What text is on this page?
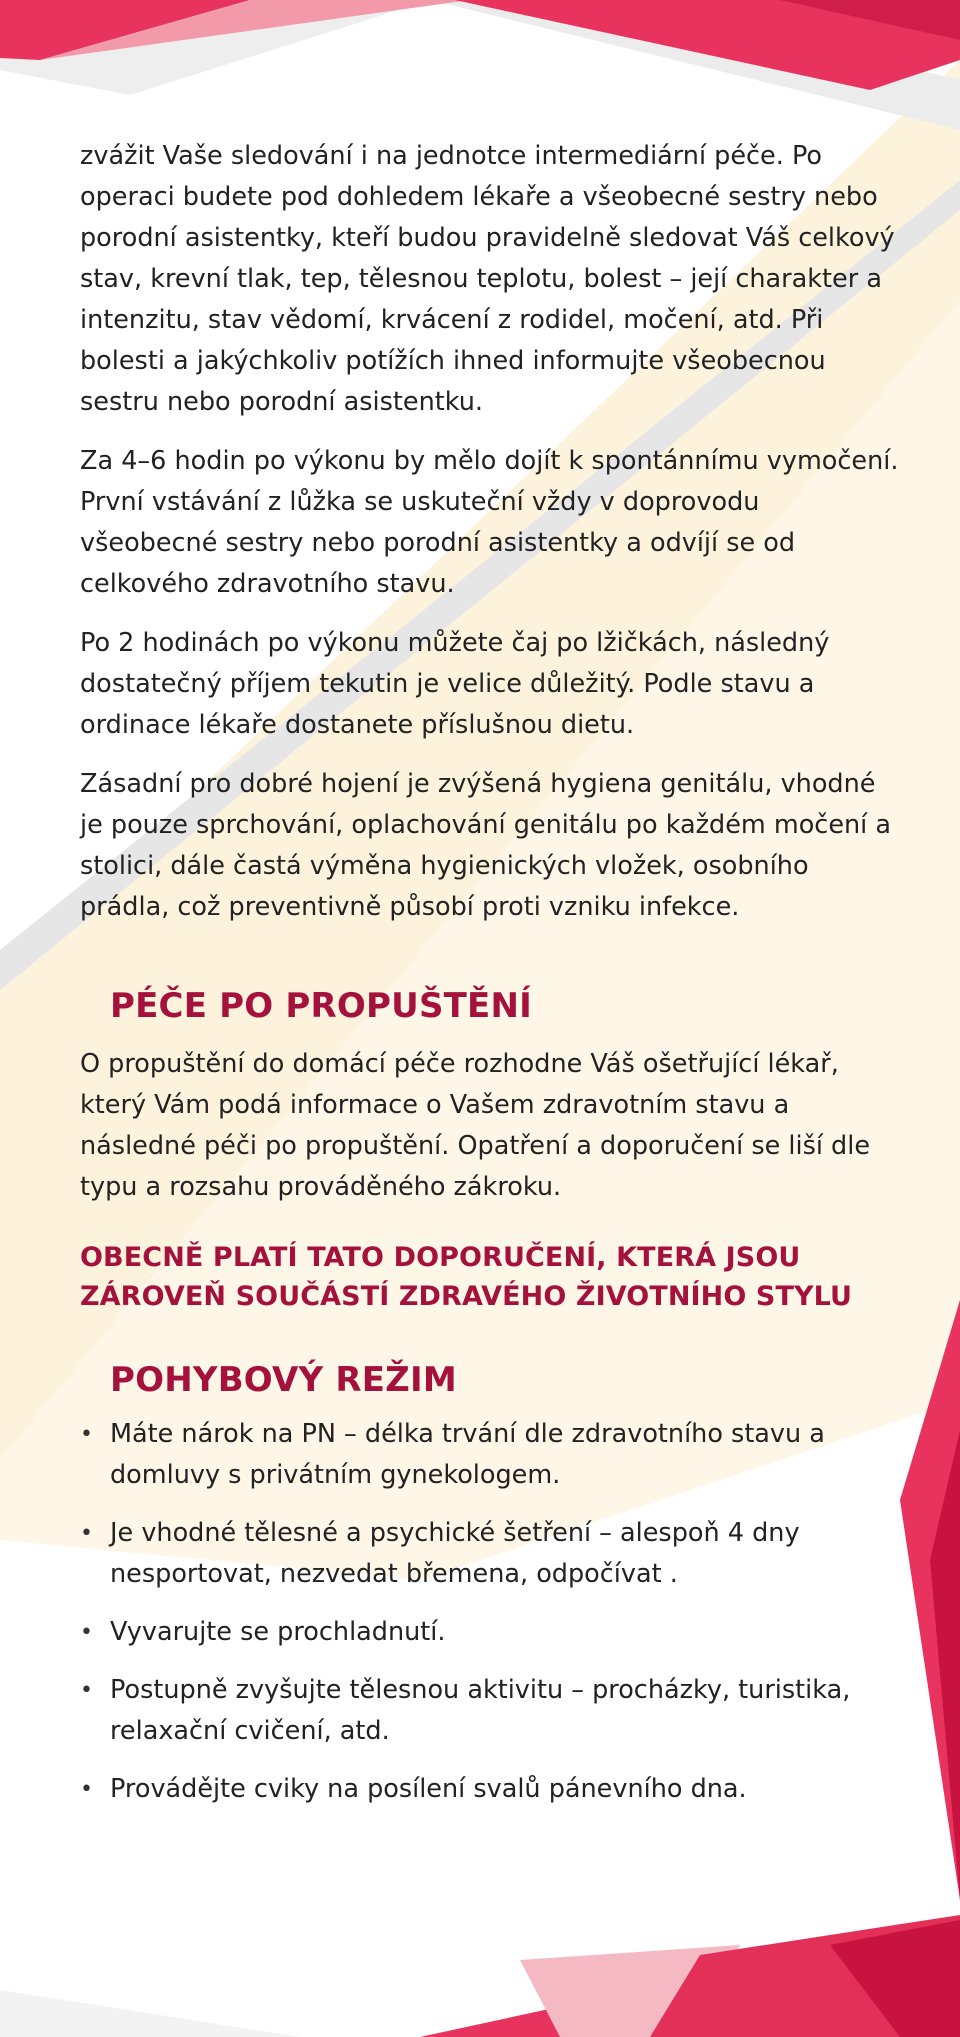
zvážit Vaše sledování i na jednotce intermediární péče. Po operaci budete pod dohledem lékaře a všeobecné sestry nebo porodní asistentky, kteří budou pravidelně sledovat Váš celkový stav, krevní tlak, tep, tělesnou teplotu, bolest – její charakter a intenzitu, stav vědomí, krvácení z rodidel, močení, atd. Při bolesti a jakýchkoliv potížích ihned informujte všeobecnou sestru nebo porodní asistentku.

Za 4–6 hodin po výkonu by mělo dojít k spontánnímu vymočení. První vstávání z lůžka se uskuteční vždy v doprovodu všeobecné sestry nebo porodní asistentky a odvíjí se od celkového zdravotního stavu.

Po 2 hodinách po výkonu můžete čaj po lžičkách, následný dostatečný příjem tekutin je velice důležitý. Podle stavu a ordinace lékaře dostanete příslušnou dietu.

Zásadní pro dobré hojení je zvýšená hygiena genitálu, vhodné je pouze sprchování, oplachování genitálu po každém močení a stolici, dále častá výměna hygienických vložek, osobního prádla, což preventivně působí proti vzniku infekce.

PÉČE PO PROPUŠTĚNÍ

O propuštění do domácí péče rozhodne Váš ošetřující lékař, který Vám podá informace o Vašem zdravotním stavu a následné péči po propuštění. Opatření a doporučení se liší dle typu a rozsahu prováděného zákroku.

OBECNĚ PLATÍ TATO DOPORUČENÍ, KTERÁ JSOU
ZÁROVEŇ SOUČÁSTÍ ZDRAVÉHO ŽIVOTNÍHO STYLU
POHYBOVÝ REŽIM
• Máte nárok na PN – délka trvání dle zdravotního stavu a domluvy s privátním gynekologem.
• Je vhodné tělesné a psychické šetření – alespoň 4 dny nesportovat, nezvedat břemena, odpočívat .
• Vyvarujte se prochladnutí.
• Postupně zvyšujte tělesnou aktivitu – procházky, turistika, relaxační cvičení, atd.
• Provádějte cviky na posílení svalů pánevního dna.
